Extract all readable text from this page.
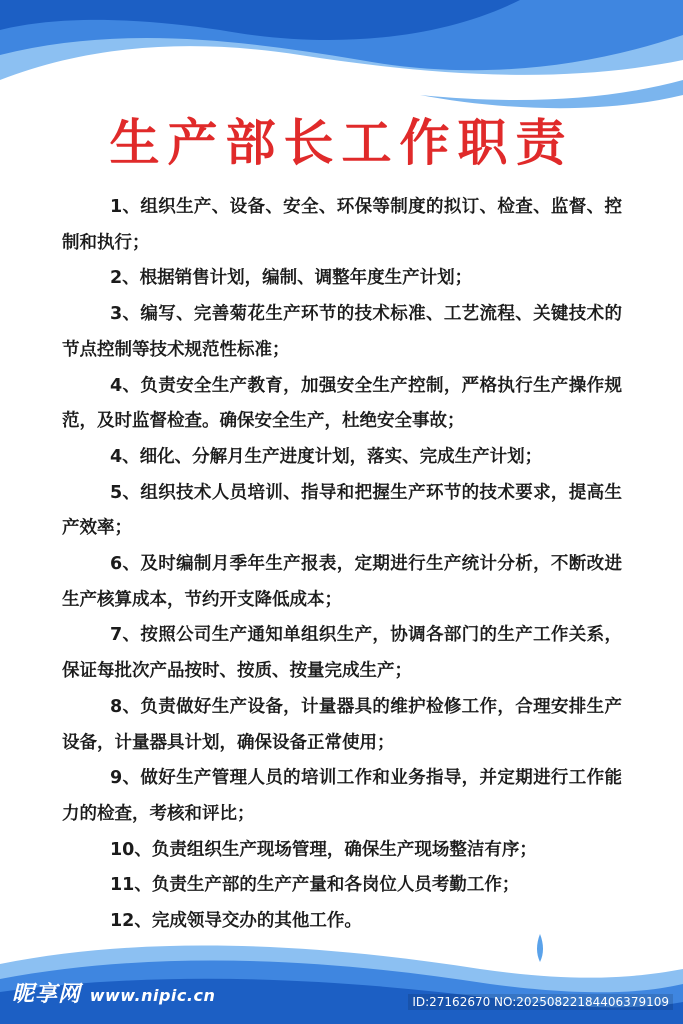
生产部长工作职责

1、组织生产、设备、安全、环保等制度的拟订、检查、监督、控制和执行；

2、根据销售计划，编制、调整年度生产计划；

3、编写、完善菊花生产环节的技术标准、工艺流程、关键技术的节点控制等技术规范性标准；

4、负责安全生产教育，加强安全生产控制，严格执行生产操作规范，及时监督检查。确保安全生产，杜绝安全事故；

4、细化、分解月生产进度计划，落实、完成生产计划；

5、组织技术人员培训、指导和把握生产环节的技术要求，提高生产效率；

6、及时编制月季年生产报表，定期进行生产统计分析，不断改进生产核算成本，节约开支降低成本；

7、按照公司生产通知单组织生产，协调各部门的生产工作关系，保证每批次产品按时、按质、按量完成生产；

8、负责做好生产设备，计量器具的维护检修工作，合理安排生产设备，计量器具计划，确保设备正常使用；

9、做好生产管理人员的培训工作和业务指导，并定期进行工作能力的检查，考核和评比；

10、负责组织生产现场管理，确保生产现场整洁有序；

11、负责生产部的生产产量和各岗位人员考勤工作；

12、完成领导交办的其他工作。

昵享网 www.nipic.cn	ID:27162670 NO:20250822184406379109
